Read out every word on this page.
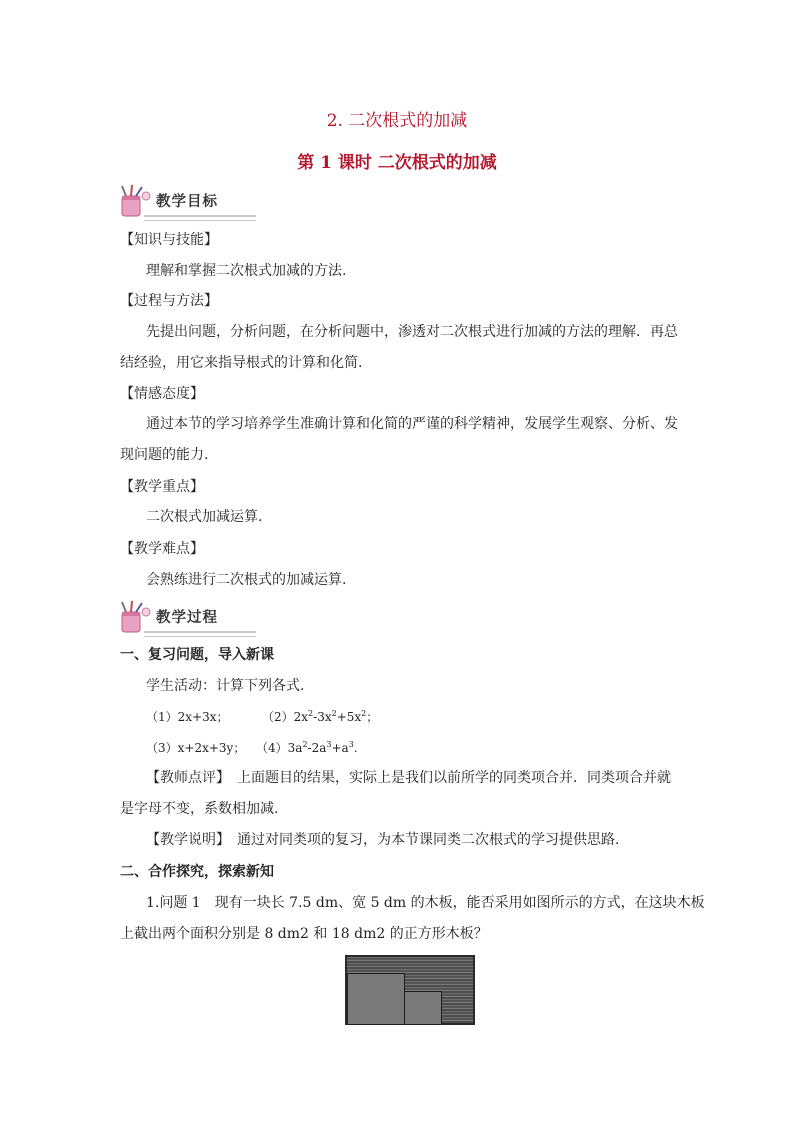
2. 二次根式的加减
第 1 课时 二次根式的加减
教学目标
【知识与技能】
理解和掌握二次根式加减的方法.
【过程与方法】
先提出问题，分析问题，在分析问题中，渗透对二次根式进行加减的方法的理解．再总
结经验，用它来指导根式的计算和化简.
【情感态度】
通过本节的学习培养学生准确计算和化简的严谨的科学精神，发展学生观察、分析、发
现问题的能力.
【教学重点】
二次根式加减运算.
【教学难点】
会熟练进行二次根式的加减运算.
教学过程
一、复习问题，导入新课
学生活动：计算下列各式.
（1）2x+3x；	$(2)2x^2-3x^2+5x^2$；
（3）x+2x+3y； $(4)3a^2-2a^3+a^3$.
【教师点评】　上面题目的结果，实际上是我们以前所学的同类项合并．同类项合并就
是字母不变，系数相加减.
【教学说明】　通过对同类项的复习，为本节课同类二次根式的学习提供思路.
二、合作探究，探索新知
1.问题 1　现有一块长 7.5 dm、宽 5 dm 的木板，能否采用如图所示的方式，在这块木板
上截出两个面积分别是 8 dm2 和 18 dm2 的正方形木板？
